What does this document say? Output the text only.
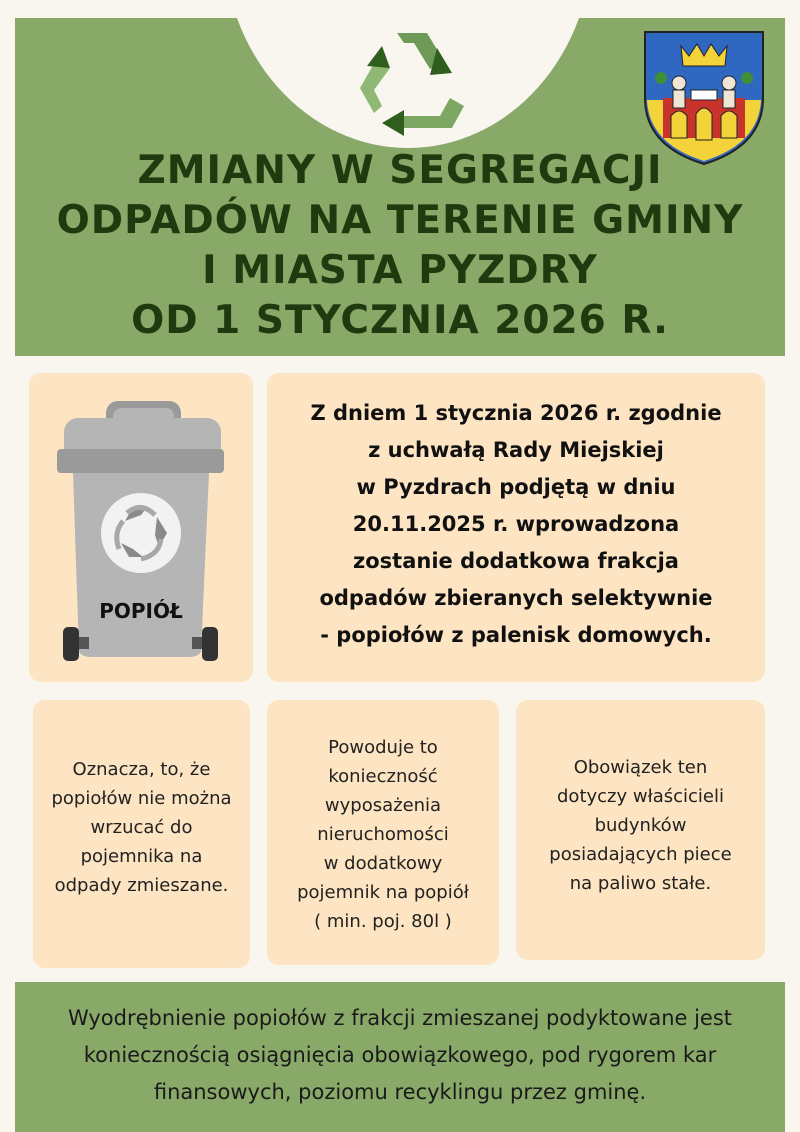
ZMIANY W SEGREGACJI
ODPADÓW NA TERENIE GMINY
I MIASTA PYZDRY
OD 1 STYCZNIA 2026 R.
POPIÓŁ
Z dniem 1 stycznia 2026 r. zgodnie
z uchwałą Rady Miejskiej
w Pyzdrach podjętą w dniu
20.11.2025 r. wprowadzona
zostanie dodatkowa frakcja
odpadów zbieranych selektywnie
- popiołów z palenisk domowych.
Oznacza, to, że
popiołów nie można
wrzucać do
pojemnika na
odpady zmieszane.
Powoduje to
konieczność
wyposażenia
nieruchomości
w dodatkowy
pojemnik na popiół
( min. poj. 80l )
Obowiązek ten
dotyczy właścicieli
budynków
posiadających piece
na paliwo stałe.
Wyodrębnienie popiołów z frakcji zmieszanej podyktowane jest
koniecznością osiągnięcia obowiązkowego, pod rygorem kar
finansowych, poziomu recyklingu przez gminę.
